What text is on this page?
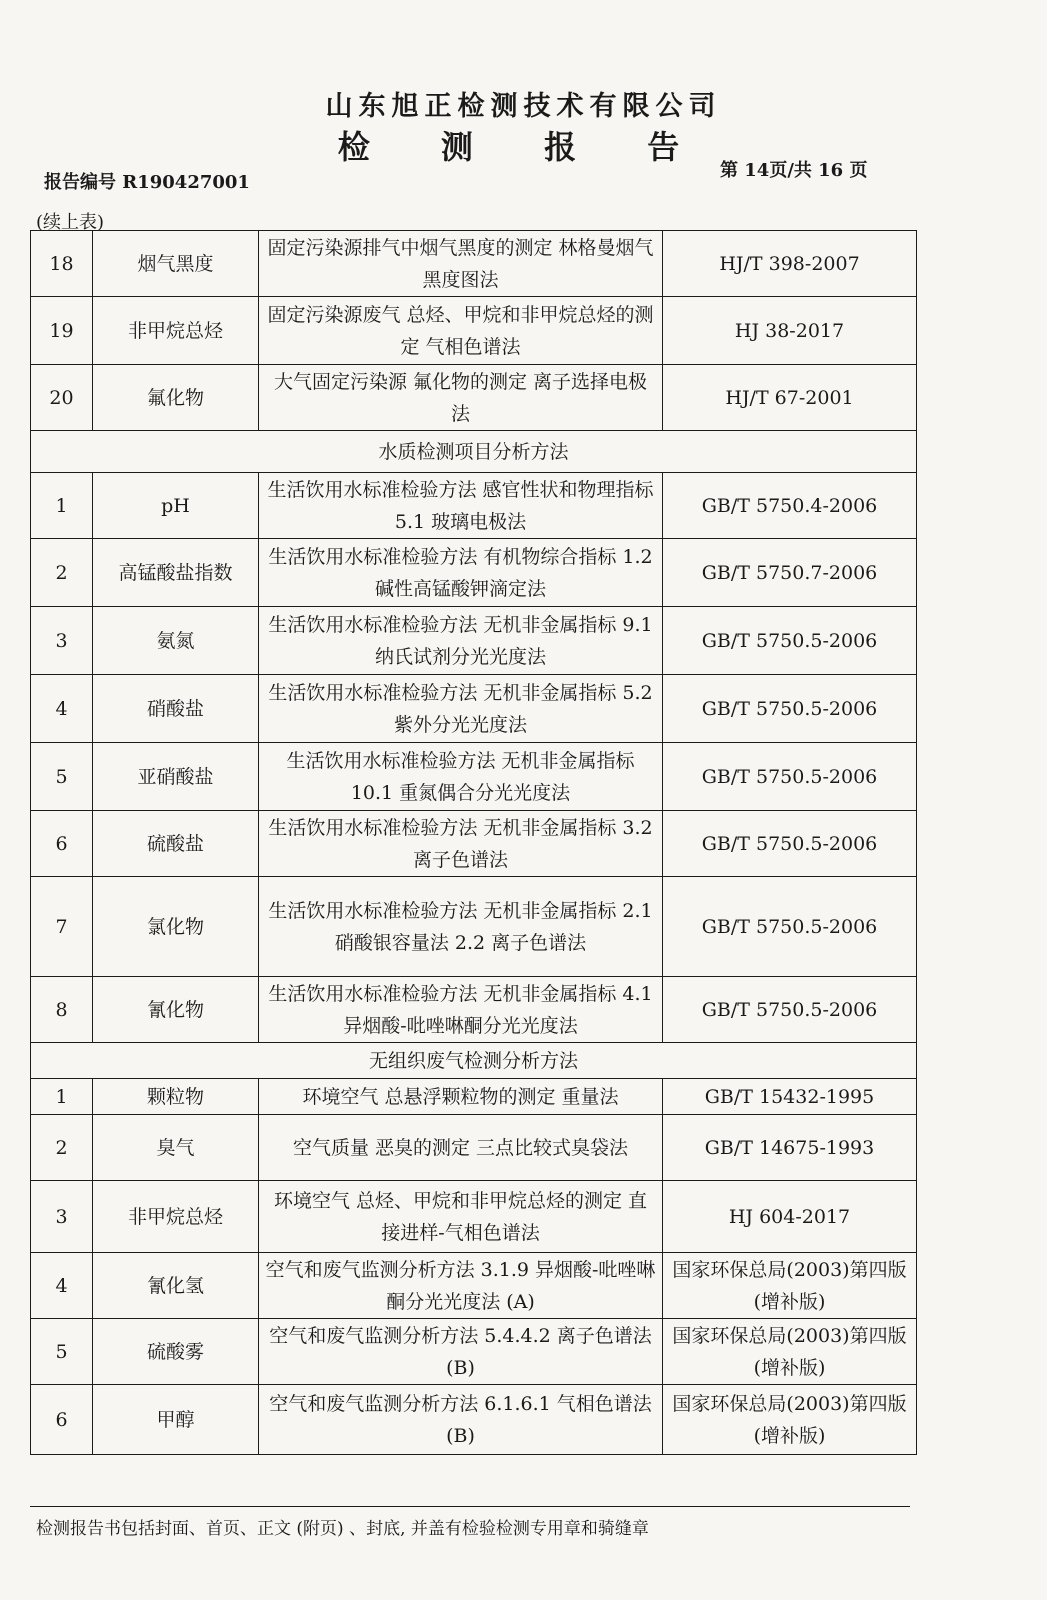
山东旭正检测技术有限公司
检 测 报 告
报告编号 R190427001
第 14页/共 16 页
(续上表)
18	烟气黑度	固定污染源排气中烟气黑度的测定 林格曼烟气黑度图法	HJ/T 398-2007
19	非甲烷总烃	固定污染源废气 总烃、甲烷和非甲烷总烃的测定 气相色谱法	HJ 38-2017
20	氟化物	大气固定污染源 氟化物的测定 离子选择电极法	HJ/T 67-2001
水质检测项目分析方法			
1	pH	生活饮用水标准检验方法 感官性状和物理指标 5.1 玻璃电极法	GB/T 5750.4-2006
2	高锰酸盐指数	生活饮用水标准检验方法 有机物综合指标 1.2 碱性高锰酸钾滴定法	GB/T 5750.7-2006
3	氨氮	生活饮用水标准检验方法 无机非金属指标 9.1 纳氏试剂分光光度法	GB/T 5750.5-2006
4	硝酸盐	生活饮用水标准检验方法 无机非金属指标 5.2 紫外分光光度法	GB/T 5750.5-2006
5	亚硝酸盐	生活饮用水标准检验方法 无机非金属指标 10.1 重氮偶合分光光度法	GB/T 5750.5-2006
6	硫酸盐	生活饮用水标准检验方法 无机非金属指标 3.2 离子色谱法	GB/T 5750.5-2006
7	氯化物	生活饮用水标准检验方法 无机非金属指标 2.1 硝酸银容量法 2.2 离子色谱法	GB/T 5750.5-2006
8	氰化物	生活饮用水标准检验方法 无机非金属指标 4.1 异烟酸-吡唑啉酮分光光度法	GB/T 5750.5-2006
无组织废气检测分析方法			
1	颗粒物	环境空气 总悬浮颗粒物的测定 重量法	GB/T 15432-1995
2	臭气	空气质量 恶臭的测定 三点比较式臭袋法	GB/T 14675-1993
3	非甲烷总烃	环境空气 总烃、甲烷和非甲烷总烃的测定 直接进样-气相色谱法	HJ 604-2017
4	氰化氢	空气和废气监测分析方法 3.1.9 异烟酸-吡唑啉酮分光光度法 (A)	国家环保总局(2003)第四版(增补版)
5	硫酸雾	空气和废气监测分析方法 5.4.4.2 离子色谱法 (B)	国家环保总局(2003)第四版(增补版)
6	甲醇	空气和废气监测分析方法 6.1.6.1 气相色谱法(B)	国家环保总局(2003)第四版(增补版)
检测报告书包括封面、首页、正文 (附页) 、封底, 并盖有检验检测专用章和骑缝章
